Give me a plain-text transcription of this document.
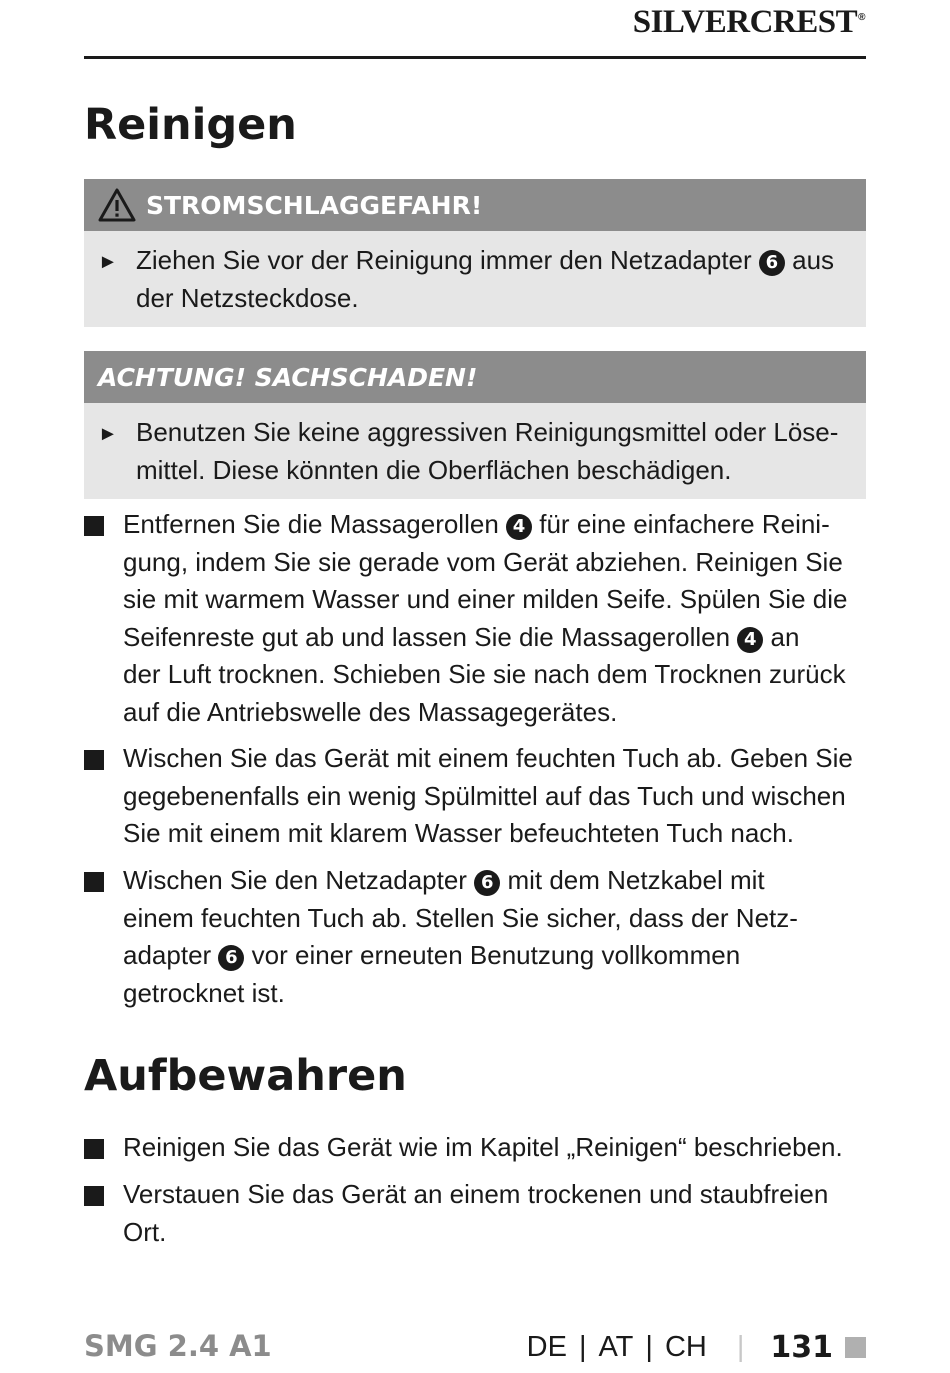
SILVERCREST®
Reinigen
STROMSCHLAGGEFAHR!
► Ziehen Sie vor der Reinigung immer den Netzadapter 6 aus
der Netzsteckdose.
ACHTUNG! SACHSCHADEN!
► Benutzen Sie keine aggressiven Reinigungsmittel oder Löse-
mittel. Diese könnten die Oberflächen beschädigen.
Entfernen Sie die Massagerollen 4 für eine einfachere Reini-
gung, indem Sie sie gerade vom Gerät abziehen. Reinigen Sie
sie mit warmem Wasser und einer milden Seife. Spülen Sie die
Seifenreste gut ab und lassen Sie die Massagerollen 4 an
der Luft trocknen. Schieben Sie sie nach dem Trocknen zurück
auf die Antriebswelle des Massagegerätes.
Wischen Sie das Gerät mit einem feuchten Tuch ab. Geben Sie
gegebenenfalls ein wenig Spülmittel auf das Tuch und wischen
Sie mit einem mit klarem Wasser befeuchteten Tuch nach.
Wischen Sie den Netzadapter 6 mit dem Netzkabel mit
einem feuchten Tuch ab. Stellen Sie sicher, dass der Netz-
adapter 6 vor einer erneuten Benutzung vollkommen
getrocknet ist.
Aufbewahren
Reinigen Sie das Gerät wie im Kapitel „Reinigen“ beschrieben.
Verstauen Sie das Gerät an einem trockenen und staubfreien
Ort.
SMG 2.4 A1	DE | AT | CH | 131
